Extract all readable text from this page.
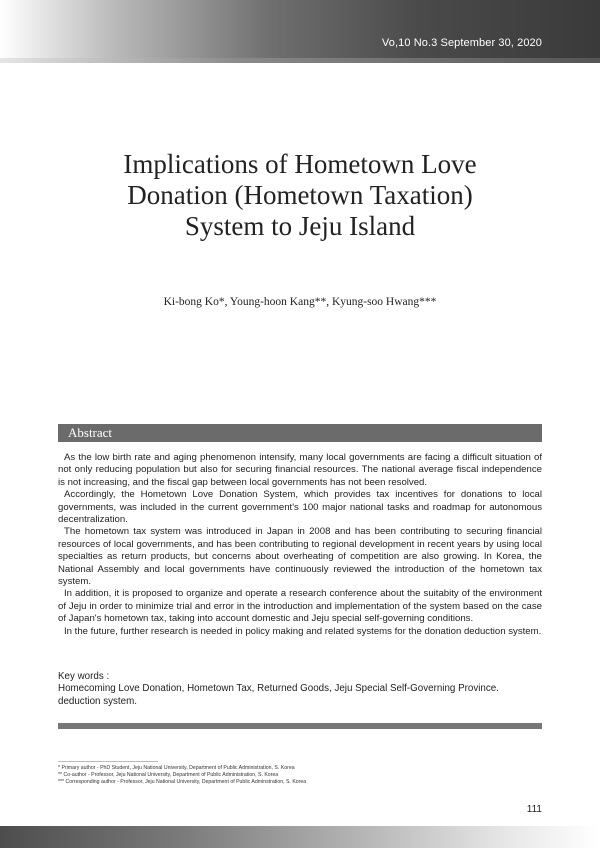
Vo,10 No.3 September 30, 2020
Implications of Hometown Love
Donation (Hometown Taxation)
System to Jeju Island
Ki-bong Ko*, Young-hoon Kang**, Kyung-soo Hwang***
Abstract

As the low birth rate and aging phenomenon intensify, many local governments are facing a difficult situation of not only reducing population but also for securing financial resources. The national average fiscal independence is not increasing, and the fiscal gap between local governments has not been resolved.

Accordingly, the Hometown Love Donation System, which provides tax incentives for donations to local governments, was included in the current government's 100 major national tasks and roadmap for autonomous decentralization.

The hometown tax system was introduced in Japan in 2008 and has been contributing to securing financial resources of local governments, and has been contributing to regional development in recent years by using local specialties as return products, but concerns about overheating of competition are also growing. In Korea, the National Assembly and local governments have continuously reviewed the introduction of the hometown tax system.

In addition, it is proposed to organize and operate a research conference about the suitabity of the environment of Jeju in order to minimize trial and error in the introduction and implementation of the system based on the case of Japan's hometown tax, taking into account domestic and Jeju special self-governing conditions.

In the future, further research is needed in policy making and related systems for the donation deduction system.

Key words :
Homecoming Love Donation, Hometown Tax, Returned Goods, Jeju Special Self-Governing Province. deduction system.
* Primary author - PhD Student, Jeju National University, Department of Public Administration, S. Korea
** Co-author - Professor, Jeju National University, Department of Public Administration, S. Korea
*** Corresponding author - Professor, Jeju National University, Department of Public Adminstration, S. Korea
111
